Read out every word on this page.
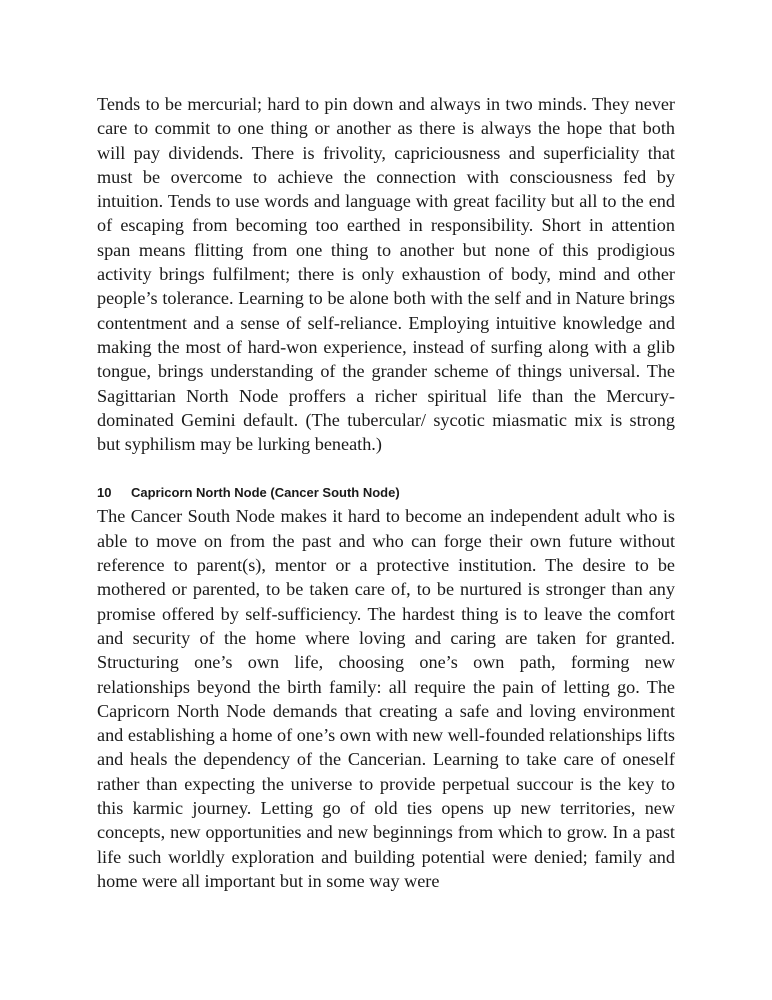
Tends to be mercurial; hard to pin down and always in two minds. They never care to commit to one thing or another as there is always the hope that both will pay dividends. There is frivolity, capriciousness and superficiality that must be overcome to achieve the connection with consciousness fed by intuition. Tends to use words and language with great facility but all to the end of escaping from becoming too earthed in responsibility. Short in attention span means flitting from one thing to another but none of this prodigious activity brings fulfilment; there is only exhaustion of body, mind and other people’s tolerance. Learning to be alone both with the self and in Nature brings contentment and a sense of self-reliance. Employing intuitive knowledge and making the most of hard-won experience, instead of surfing along with a glib tongue, brings understanding of the grander scheme of things universal. The Sagittarian North Node proffers a richer spiritual life than the Mercury-dominated Gemini default. (The tubercular/ sycotic miasmatic mix is strong but syphilism may be lurking beneath.)

10	Capricorn North Node (Cancer South Node)

The Cancer South Node makes it hard to become an independent adult who is able to move on from the past and who can forge their own future without reference to parent(s), mentor or a protective institution. The desire to be mothered or parented, to be taken care of, to be nurtured is stronger than any promise offered by self-sufficiency. The hardest thing is to leave the comfort and security of the home where loving and caring are taken for granted. Structuring one’s own life, choosing one’s own path, forming new relationships beyond the birth family: all require the pain of letting go. The Capricorn North Node demands that creating a safe and loving environment and establishing a home of one’s own with new well-founded relationships lifts and heals the dependency of the Cancerian. Learning to take care of oneself rather than expecting the universe to provide perpetual succour is the key to this karmic journey. Letting go of old ties opens up new territories, new concepts, new opportunities and new beginnings from which to grow. In a past life such worldly exploration and building potential were denied; family and home were all important but in some way were
